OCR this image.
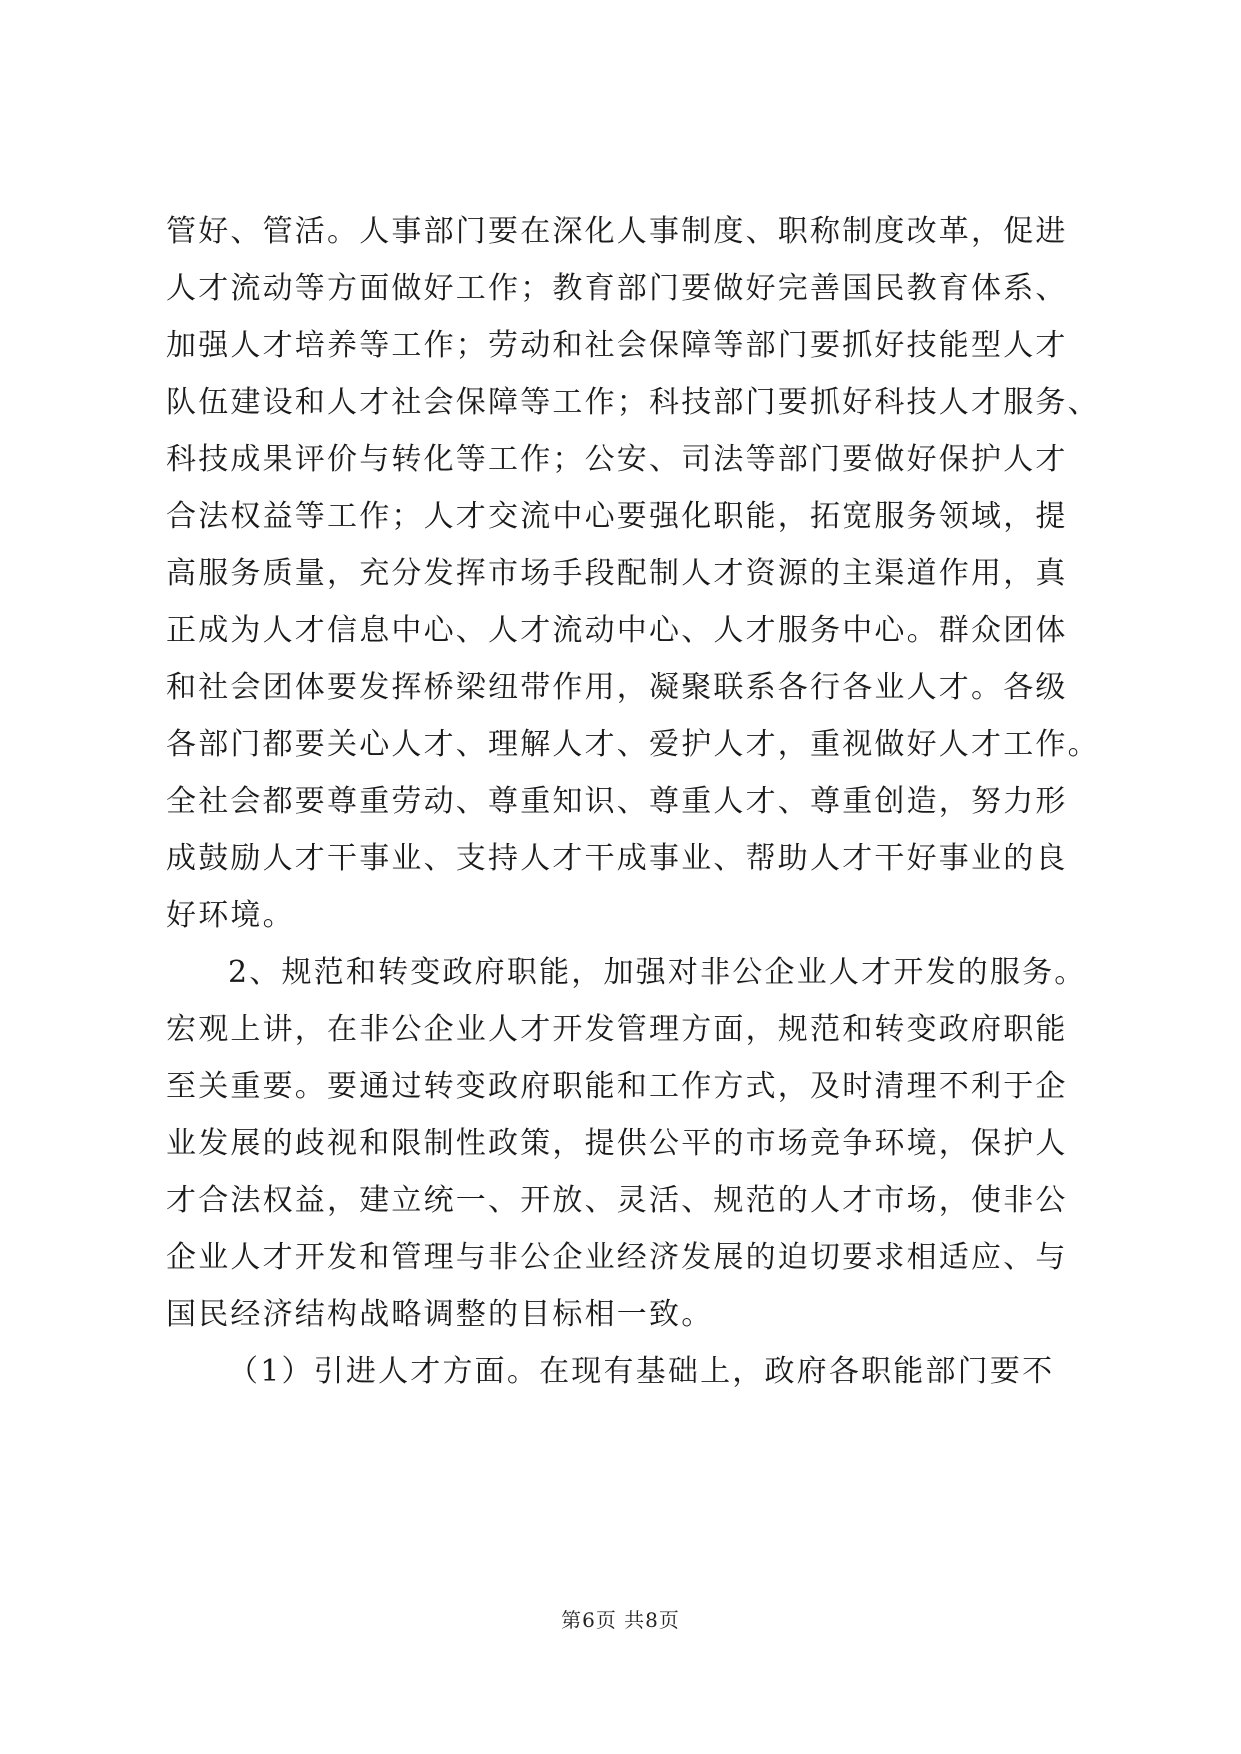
管好、管活。人事部门要在深化人事制度、职称制度改革，促进
人才流动等方面做好工作；教育部门要做好完善国民教育体系、
加强人才培养等工作；劳动和社会保障等部门要抓好技能型人才
队伍建设和人才社会保障等工作；科技部门要抓好科技人才服务、
科技成果评价与转化等工作；公安、司法等部门要做好保护人才
合法权益等工作；人才交流中心要强化职能，拓宽服务领域，提
高服务质量，充分发挥市场手段配制人才资源的主渠道作用，真
正成为人才信息中心、人才流动中心、人才服务中心。群众团体
和社会团体要发挥桥梁纽带作用，凝聚联系各行各业人才。各级
各部门都要关心人才、理解人才、爱护人才，重视做好人才工作。
全社会都要尊重劳动、尊重知识、尊重人才、尊重创造，努力形
成鼓励人才干事业、支持人才干成事业、帮助人才干好事业的良
好环境。
2、规范和转变政府职能，加强对非公企业人才开发的服务。
宏观上讲，在非公企业人才开发管理方面，规范和转变政府职能
至关重要。要通过转变政府职能和工作方式，及时清理不利于企
业发展的歧视和限制性政策，提供公平的市场竞争环境，保护人
才合法权益，建立统一、开放、灵活、规范的人才市场，使非公
企业人才开发和管理与非公企业经济发展的迫切要求相适应、与
国民经济结构战略调整的目标相一致。
（1）引进人才方面。在现有基础上，政府各职能部门要不
第6页 共8页
